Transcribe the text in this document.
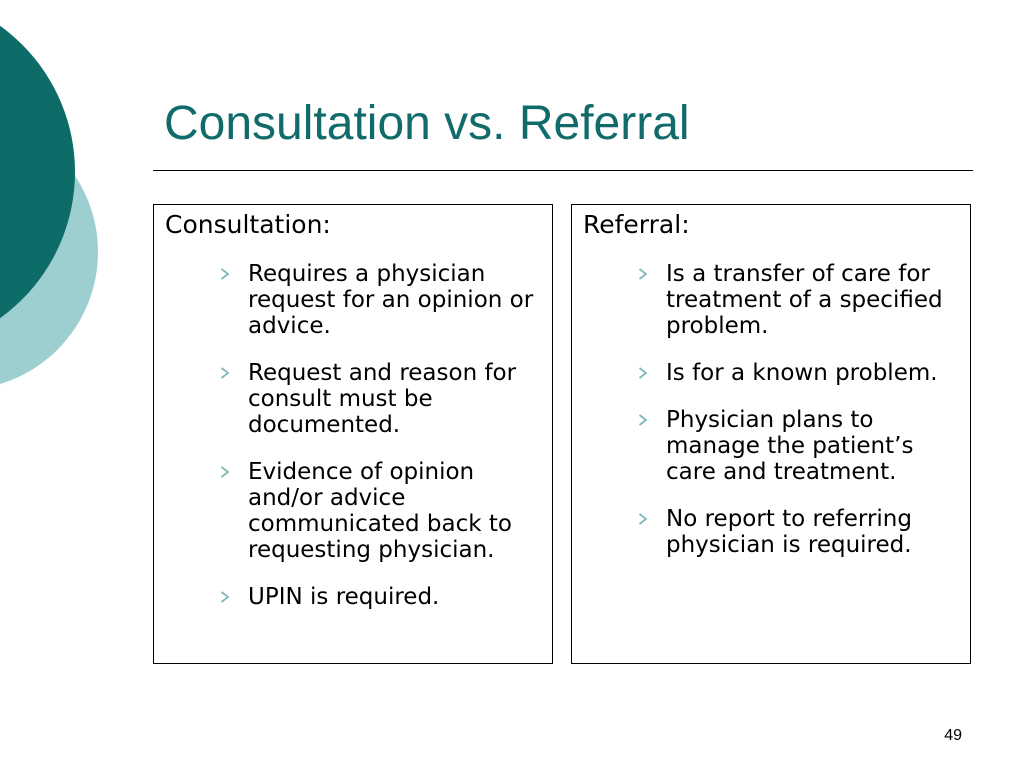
Consultation vs. Referral
Consultation:
Requires a physician request for an opinion or advice.
Request and reason for consult must be documented.
Evidence of opinion and/or advice communicated back to requesting physician.
UPIN is required.
Referral:
Is a transfer of care for treatment of a specified problem.
Is for a known problem.
Physician plans to manage the patient’s care and treatment.
No report to referring physician is required.
49
